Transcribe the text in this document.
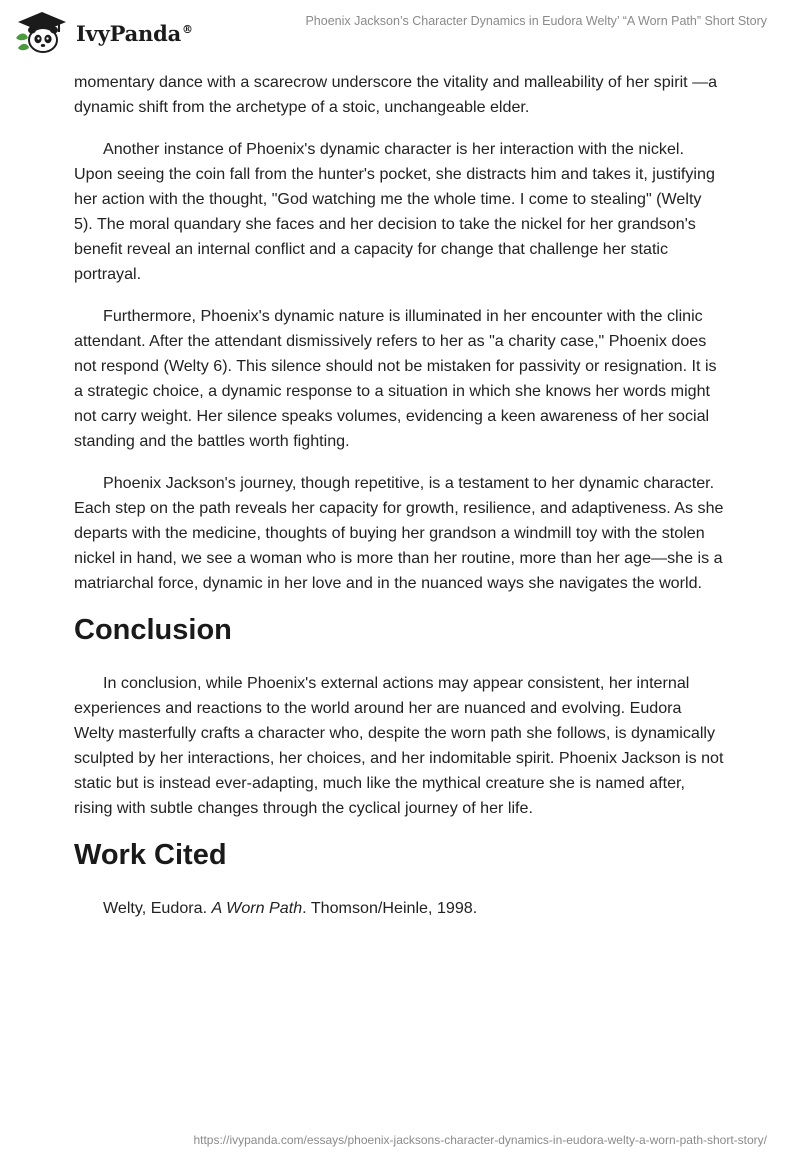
IvyPanda®
Phoenix Jackson’s Character Dynamics in Eudora Welty’ “A Worn Path” Short Story

momentary dance with a scarecrow underscore the vitality and malleability of her spirit —a dynamic shift from the archetype of a stoic, unchangeable elder.

Another instance of Phoenix's dynamic character is her interaction with the nickel. Upon seeing the coin fall from the hunter's pocket, she distracts him and takes it, justifying her action with the thought, "God watching me the whole time. I come to stealing" (Welty 5). The moral quandary she faces and her decision to take the nickel for her grandson's benefit reveal an internal conflict and a capacity for change that challenge her static portrayal.

Furthermore, Phoenix's dynamic nature is illuminated in her encounter with the clinic attendant. After the attendant dismissively refers to her as "a charity case," Phoenix does not respond (Welty 6). This silence should not be mistaken for passivity or resignation. It is a strategic choice, a dynamic response to a situation in which she knows her words might not carry weight. Her silence speaks volumes, evidencing a keen awareness of her social standing and the battles worth fighting.

Phoenix Jackson's journey, though repetitive, is a testament to her dynamic character. Each step on the path reveals her capacity for growth, resilience, and adaptiveness. As she departs with the medicine, thoughts of buying her grandson a windmill toy with the stolen nickel in hand, we see a woman who is more than her routine, more than her age—she is a matriarchal force, dynamic in her love and in the nuanced ways she navigates the world.

Conclusion

In conclusion, while Phoenix's external actions may appear consistent, her internal experiences and reactions to the world around her are nuanced and evolving. Eudora Welty masterfully crafts a character who, despite the worn path she follows, is dynamically sculpted by her interactions, her choices, and her indomitable spirit. Phoenix Jackson is not static but is instead ever-adapting, much like the mythical creature she is named after, rising with subtle changes through the cyclical journey of her life.

Work Cited

Welty, Eudora. A Worn Path. Thomson/Heinle, 1998.

https://ivypanda.com/essays/phoenix-jacksons-character-dynamics-in-eudora-welty-a-worn-path-short-story/
